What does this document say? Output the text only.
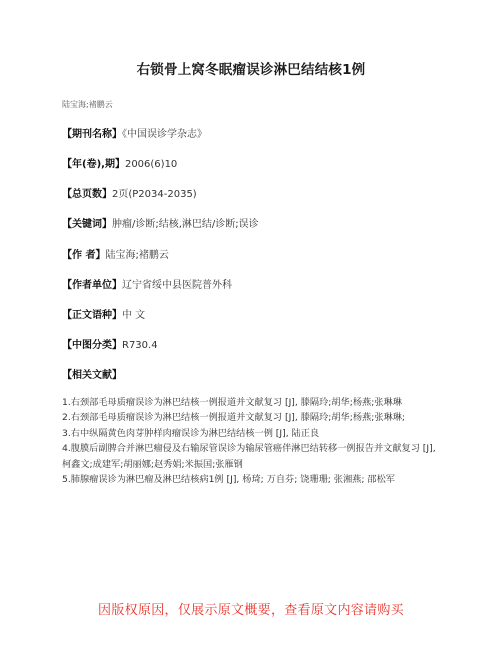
右锁骨上窝冬眠瘤误诊淋巴结结核1例
陆宝海;褚鹏云
【期刊名称】《中国误诊学杂志》
【年(卷),期】2006(6)10
【总页数】2页(P2034-2035)
【关键词】肿瘤/诊断;结核,淋巴结/诊断;误诊
【作 者】陆宝海;褚鹏云
【作者单位】辽宁省绥中县医院普外科
【正文语种】中 文
【中图分类】R730.4
【相关文献】

1.右颈部毛母质瘤误诊为淋巴结核一例报道并文献复习 [J], 滕隔玲;胡华;杨燕;张琳琳

2.右颈部毛母质瘤误诊为淋巴结核一例报道并文献复习 [J], 滕隔玲;胡华;杨燕;张琳琳;

3.右中纵隔黄色肉芽肿样肉瘤误诊为淋巴结结核一例 [J], 陆正良

4.腹膜后副脾合并淋巴瘤侵及右输尿管误诊为输尿管癌伴淋巴结转移一例报告并文献复习 [J], 柯鑫文;成建军;胡丽娜;赵秀娟;米振国;张雁钢

5.肺腺瘤误诊为淋巴瘤及淋巴结核病1例 [J], 杨琦; 万自芬; 饶珊珊; 张湘燕; 邵松军

因版权原因，仅展示原文概要，查看原文内容请购买
